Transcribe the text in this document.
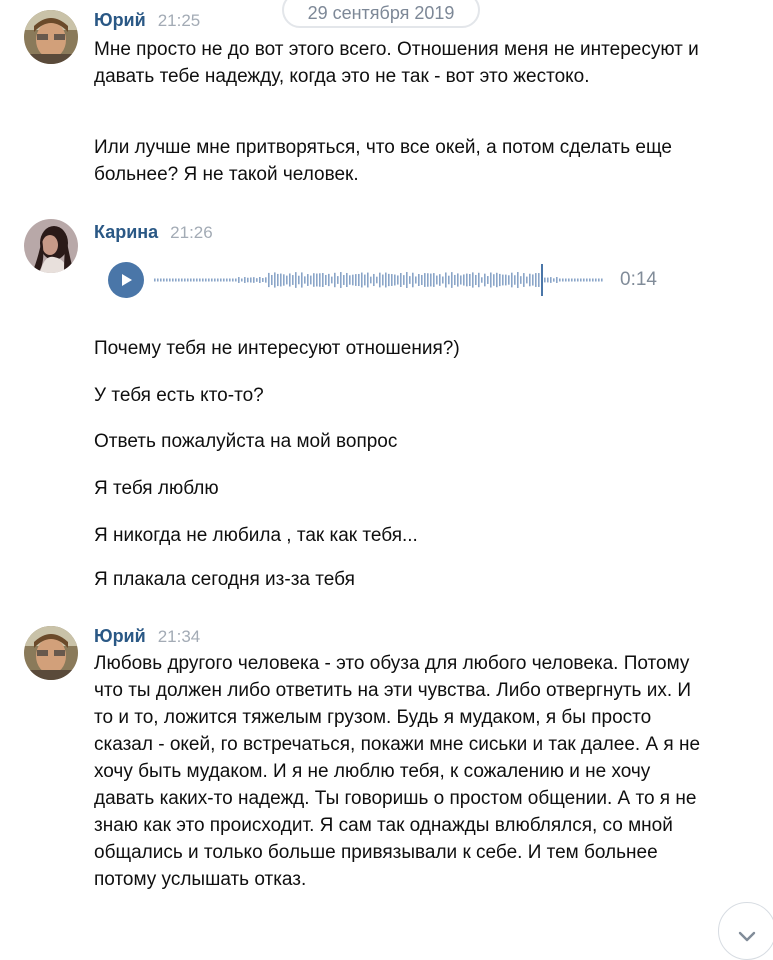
29 сентября 2019
Юрий 21:25
Мне просто не до вот этого всего. Отношения меня не интересуют и давать тебе надежду, когда это не так - вот это жестоко.
Или лучше мне притворяться, что все окей, а потом сделать еще больнее? Я не такой человек.
Карина 21:26
0:14
Почему тебя не интересуют отношения?)
У тебя есть кто-то?
Ответь пожалуйста на мой вопрос
Я тебя люблю
Я никогда не любила , так как тебя...
Я плакала сегодня из-за тебя
Юрий 21:34
Любовь другого человека - это обуза для любого человека. Потому что ты должен либо ответить на эти чувства. Либо отвергнуть их. И то и то, ложится тяжелым грузом. Будь я мудаком, я бы просто сказал - окей, го встречаться, покажи мне сиськи и так далее. А я не хочу быть мудаком. И я не люблю тебя, к сожалению и не хочу давать каких-то надежд. Ты говоришь о простом общении. А то я не знаю как это происходит. Я сам так однажды влюблялся, со мной общались и только больше привязывали к себе. И тем больнее потому услышать отказ.
